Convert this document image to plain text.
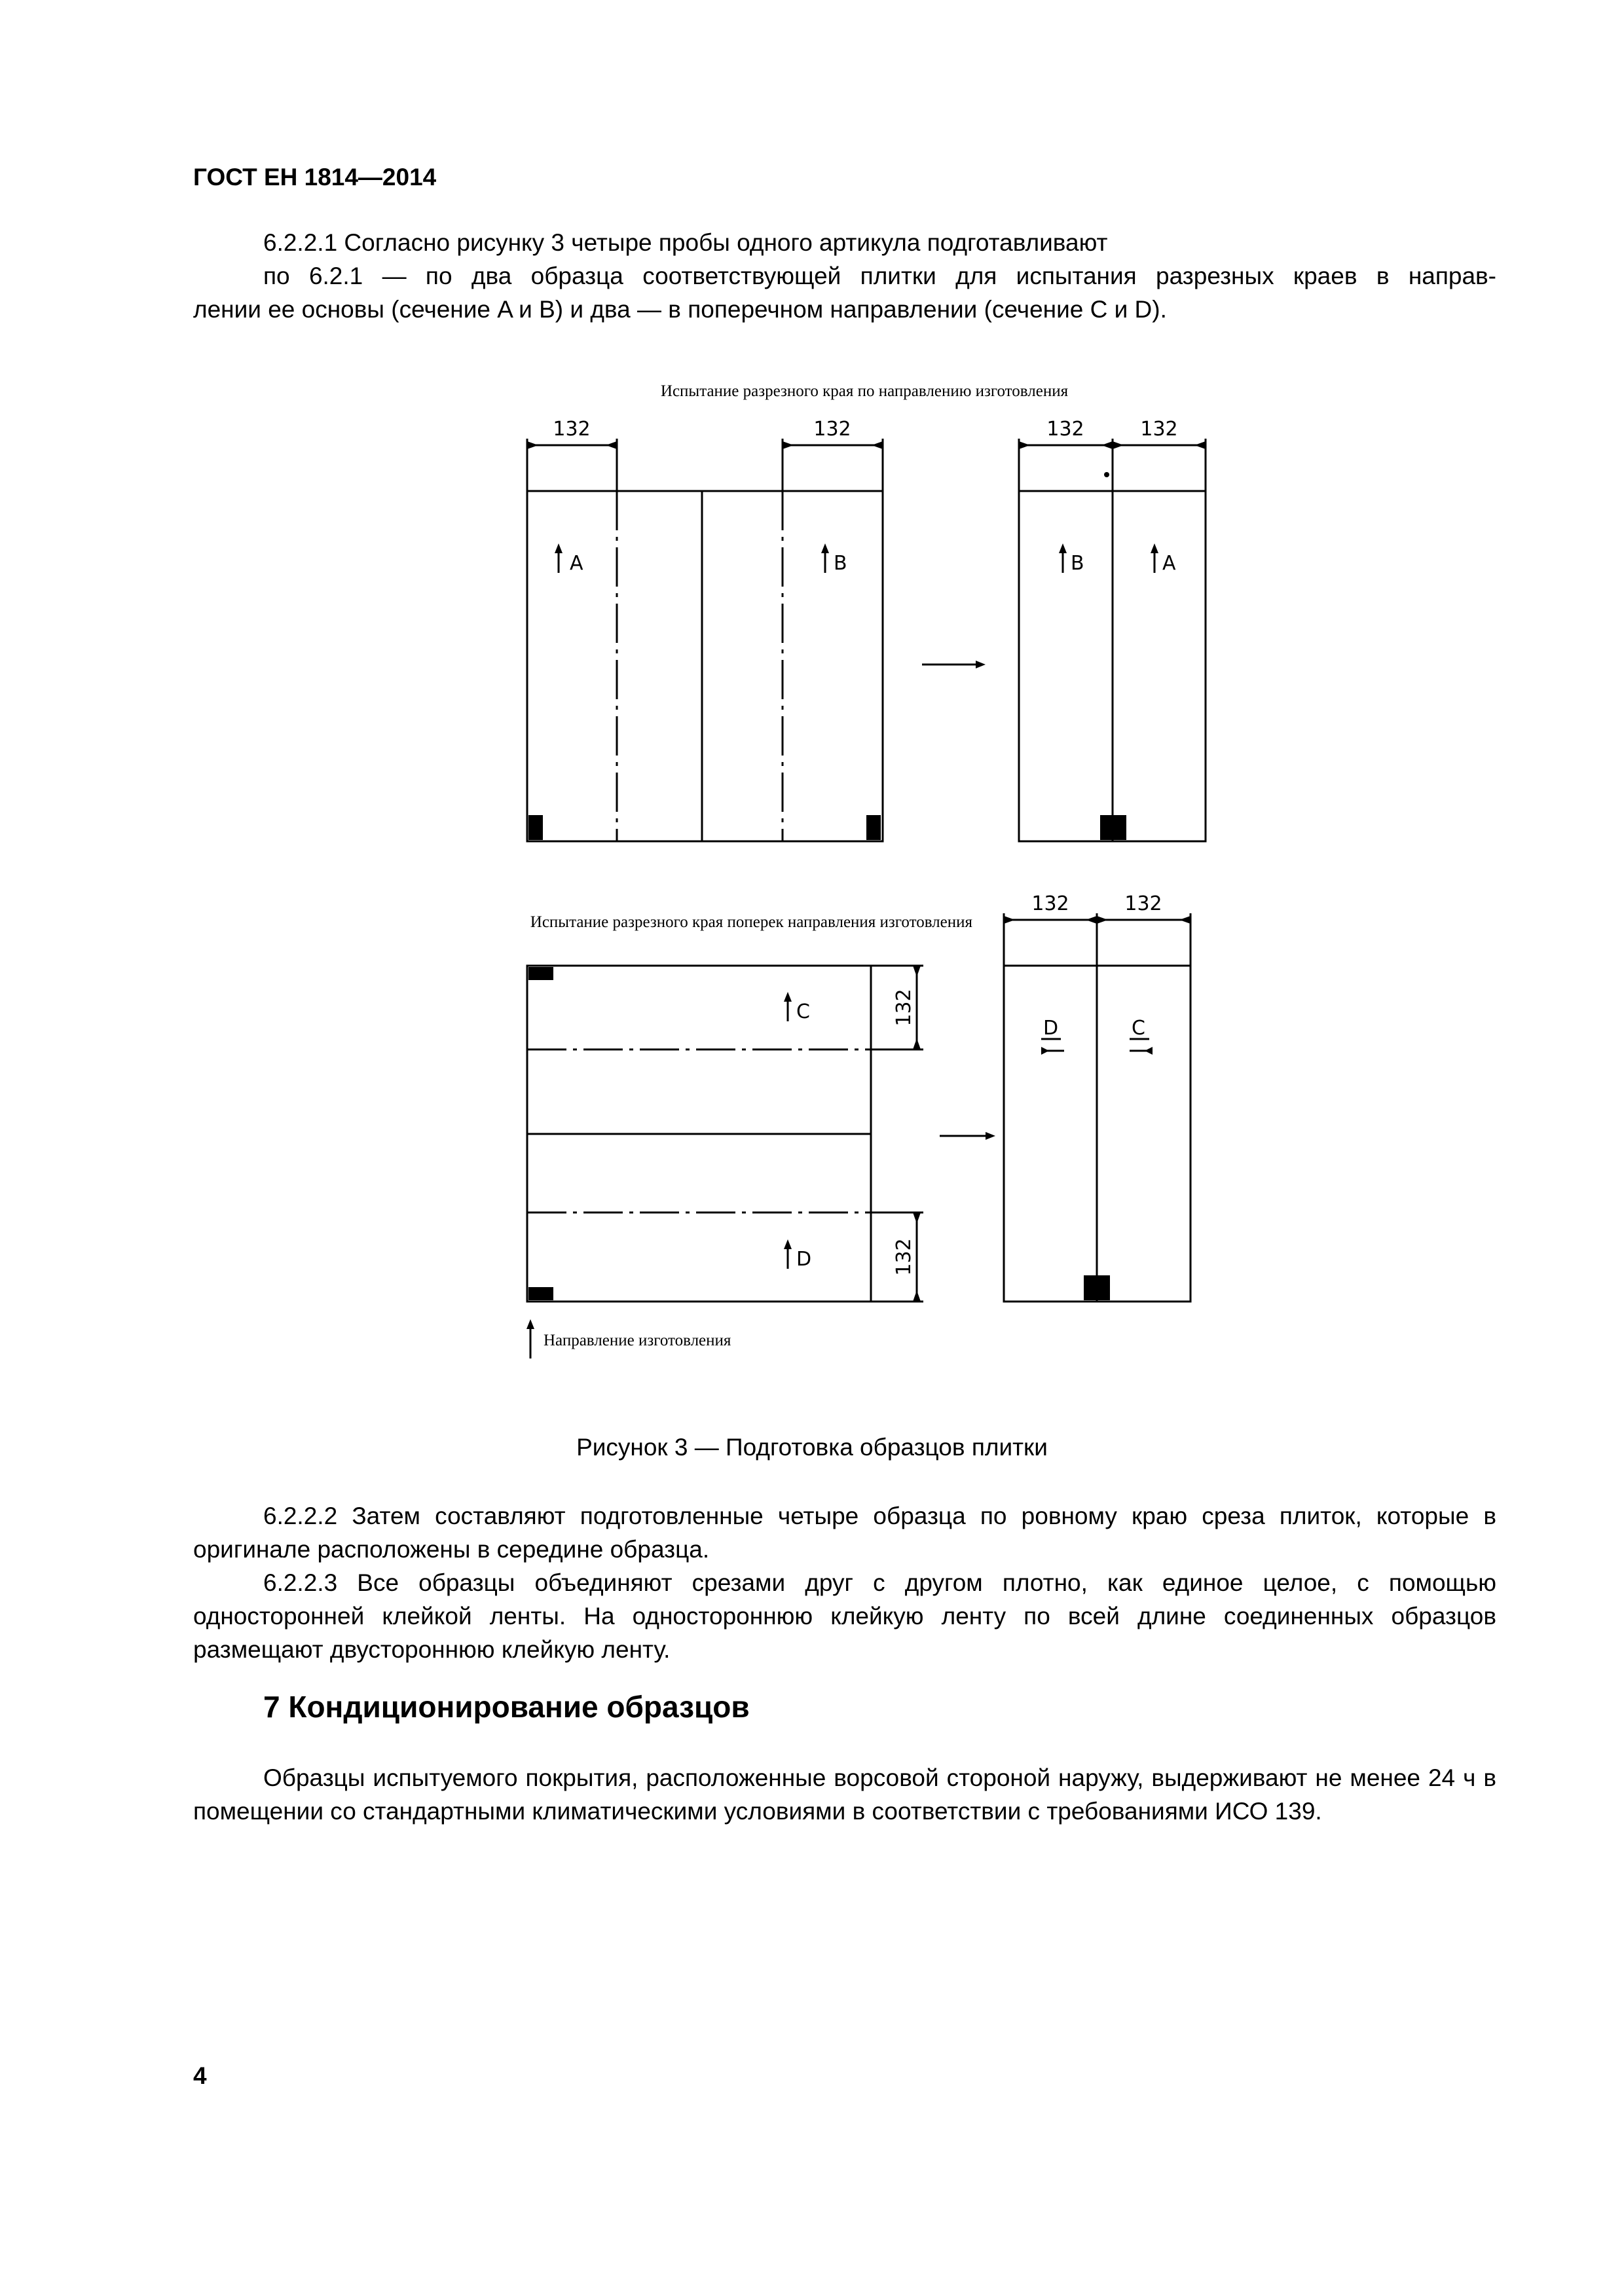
ГОСТ ЕН 1814—2014
6.2.2.1 Согласно рисунку 3 четыре пробы одного артикула подготавливают
по 6.2.1 — по два образца соответствующей плитки для испытания разрезных краев в направ-
лении ее основы (сечение A и B) и два — в поперечном направлении (сечение C и D).
Испытание разрезного края по направлению изготовления
Испытание разрезного края поперек направления изготовления
Направление изготовления
132	132	132	132
132	132
132
132
A	B	B	A
C
D
D	C
Рисунок 3 — Подготовка образцов плитки
6.2.2.2 Затем составляют подготовленные четыре образца по ровному краю среза плиток, которые в оригинале расположены в середине образца.
6.2.2.3 Все образцы объединяют срезами друг с другом плотно, как единое целое, с помощью односторонней клейкой ленты. На одностороннюю клейкую ленту по всей длине соединенных образцов размещают двустороннюю клейкую ленту.
7 Кондиционирование образцов
Образцы испытуемого покрытия, расположенные ворсовой стороной наружу, выдерживают не менее 24 ч в помещении со стандартными климатическими условиями в соответствии с требованиями ИСО 139.
4
